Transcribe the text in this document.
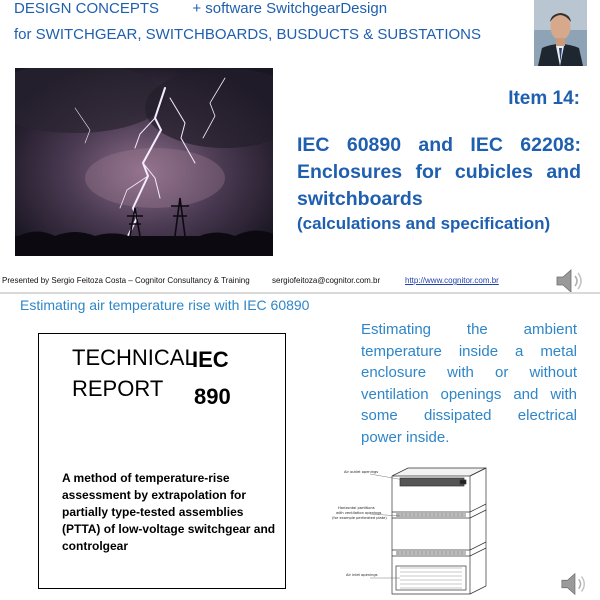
DESIGN CONCEPTS        + software SwitchgearDesign
for SWITCHGEAR, SWITCHBOARDS, BUSDUCTS & SUBSTATIONS
Item 14:
IEC 60890 and IEC 62208: Enclosures for cubicles and switchboards
(calculations and specification)
Presented by Sergio Feitoza Costa – Cognitor Consultancy & Training	sergiofeitoza@cognitor.com.br	http://www.cognitor.com.br
Estimating air temperature rise with IEC 60890
TECHNICAL
REPORT
IEC
890
A method of temperature-rise assessment by extrapolation for partially type-tested assemblies (PTTA) of low-voltage switchgear and controlgear
Estimating the ambient temperature inside a metal enclosure with or without ventilation openings and with some dissipated electrical power inside.
Air outlet openings
Horizontal partitions
with ventilation openings
(for example perforated plate)
Air inlet openings
